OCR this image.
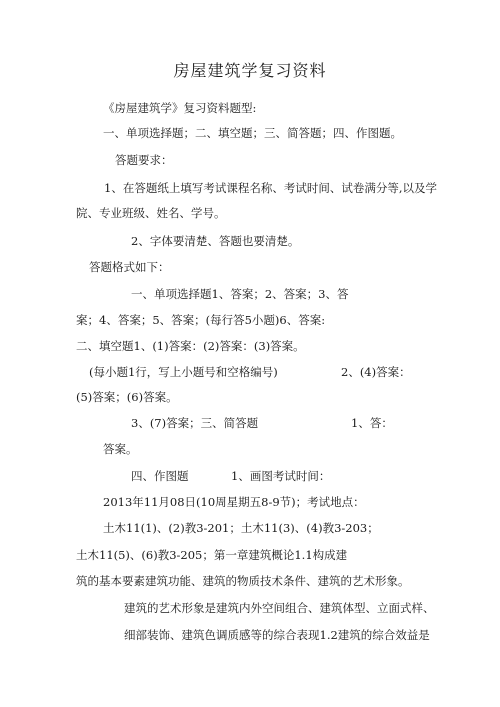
房屋建筑学复习资料
《房屋建筑学》复习资料题型:
一、单项选择题；二、填空题；三、简答题；四、作图题。
答题要求：
1、在答题纸上填写考试课程名称、考试时间、试卷满分等,以及学
院、专业班级、姓名、学号。
2、字体要清楚、答题也要清楚。
答题格式如下：
一、单项选择题1、答案；2、答案；3、答
案；4、答案；5、答案；(每行答5小题)6、答案:
二、填空题1、(1)答案：(2)答案：(3)答案。
(每小题1行，写上小题号和空格编号)	2、(4)答案：
(5)答案；(6)答案。
3、(7)答案；三、简答题	1、答：
答案。
四、作图题	1、画图考试时间：
2013年11月08日(10周星期五8-9节)；考试地点：
土木11(1)、(2)教3-201；土木11(3)、(4)教3-203；
土木11(5)、(6)教3-205；第一章建筑概论1.1构成建
筑的基本要素建筑功能、建筑的物质技术条件、建筑的艺术形象。
建筑的艺术形象是建筑内外空间组合、建筑体型、立面式样、
细部装饰、建筑色调质感等的综合表现1.2建筑的综合效益是
